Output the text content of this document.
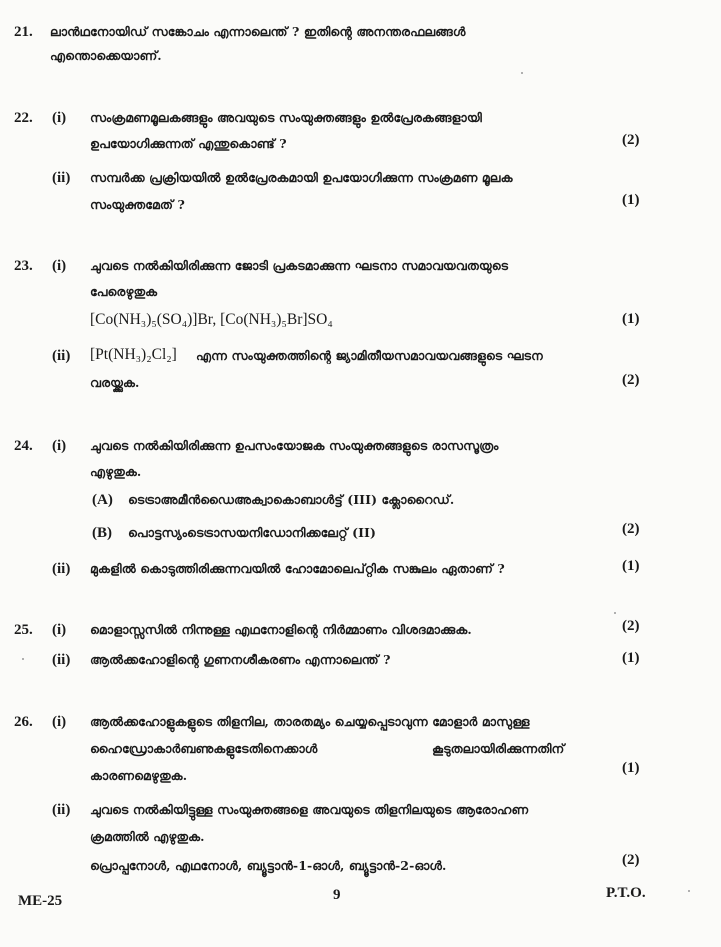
21. ലാൻഥനോയിഡ് സങ്കോചം എന്നാലെന്ത് ? ഇതിന്റെ അനന്തരഫലങ്ങൾ
എന്തൊക്കെയാണ്.
22. (i) സംക്രമണമൂലകങ്ങളും അവയുടെ സംയുക്തങ്ങളും ഉൽപ്രേരകങ്ങളായി
ഉപയോഗിക്കുന്നത് എന്തുകൊണ്ട് ?	(2)
(ii) സമ്പർക്ക പ്രക്രിയയിൽ ഉൽപ്രേരകമായി ഉപയോഗിക്കുന്ന സംക്രമണ മൂലക
സംയുക്തമേത് ?	(1)
23. (i) ചുവടെ നൽകിയിരിക്കുന്ന ജോടി പ്രകടമാക്കുന്ന ഘടനാ സമാവയവതയുടെ
പേരെഴുതുക
[Co(NH₃)₅(SO₄)]Br, [Co(NH₃)₅Br]SO₄	(1)
(ii) [Pt(NH₃)₂Cl₂] എന്ന സംയുക്തത്തിന്റെ ജ്യാമിതീയസമാവയവങ്ങളുടെ ഘടന
വരയ്ക്കുക.	(2)
24. (i) ചുവടെ നൽകിയിരിക്കുന്ന ഉപസംയോജക സംയുക്തങ്ങളുടെ രാസസൂത്രം
എഴുതുക.
(A) ടെട്രാഅമീൻഡൈഅക്വാകൊബാൾട്ട് (III) ക്ലോറൈഡ്.
(B) പൊട്ടസ്യംടെട്രാസയനിഡോനിക്കലേറ്റ് (II)	(2)
(ii) മുകളിൽ കൊടുത്തിരിക്കുന്നവയിൽ ഹോമോലെപ്റ്റിക സങ്കുലം ഏതാണ് ?	(1)
25. (i) മൊളാസ്സസിൽ നിന്നുള്ള എഥനോളിന്റെ നിർമ്മാണം വിശദമാക്കുക.	(2)
(ii) ആൽക്കഹോളിന്റെ ഗുണനശീകരണം എന്നാലെന്ത് ?	(1)
26. (i) ആൽക്കഹോളുകളുടെ തിളനില, താരതമ്യം ചെയ്യപ്പെടാവുന്ന മോളാർ മാസുള്ള
ഹൈഡ്രോകാർബണുകളുടേതിനെക്കാൾ	കൂടുതലായിരിക്കുന്നതിന്
കാരണമെഴുതുക.	(1)
(ii) ചുവടെ നൽകിയിട്ടുള്ള സംയുക്തങ്ങളെ അവയുടെ തിളനിലയുടെ ആരോഹണ
ക്രമത്തിൽ എഴുതുക.
പ്രൊപ്പനോൾ, എഥനോൾ, ബ്യൂട്ടാൻ-1-ഓൾ, ബ്യൂട്ടാൻ-2-ഓൾ.	(2)
ME-25	9	P.T.O.
